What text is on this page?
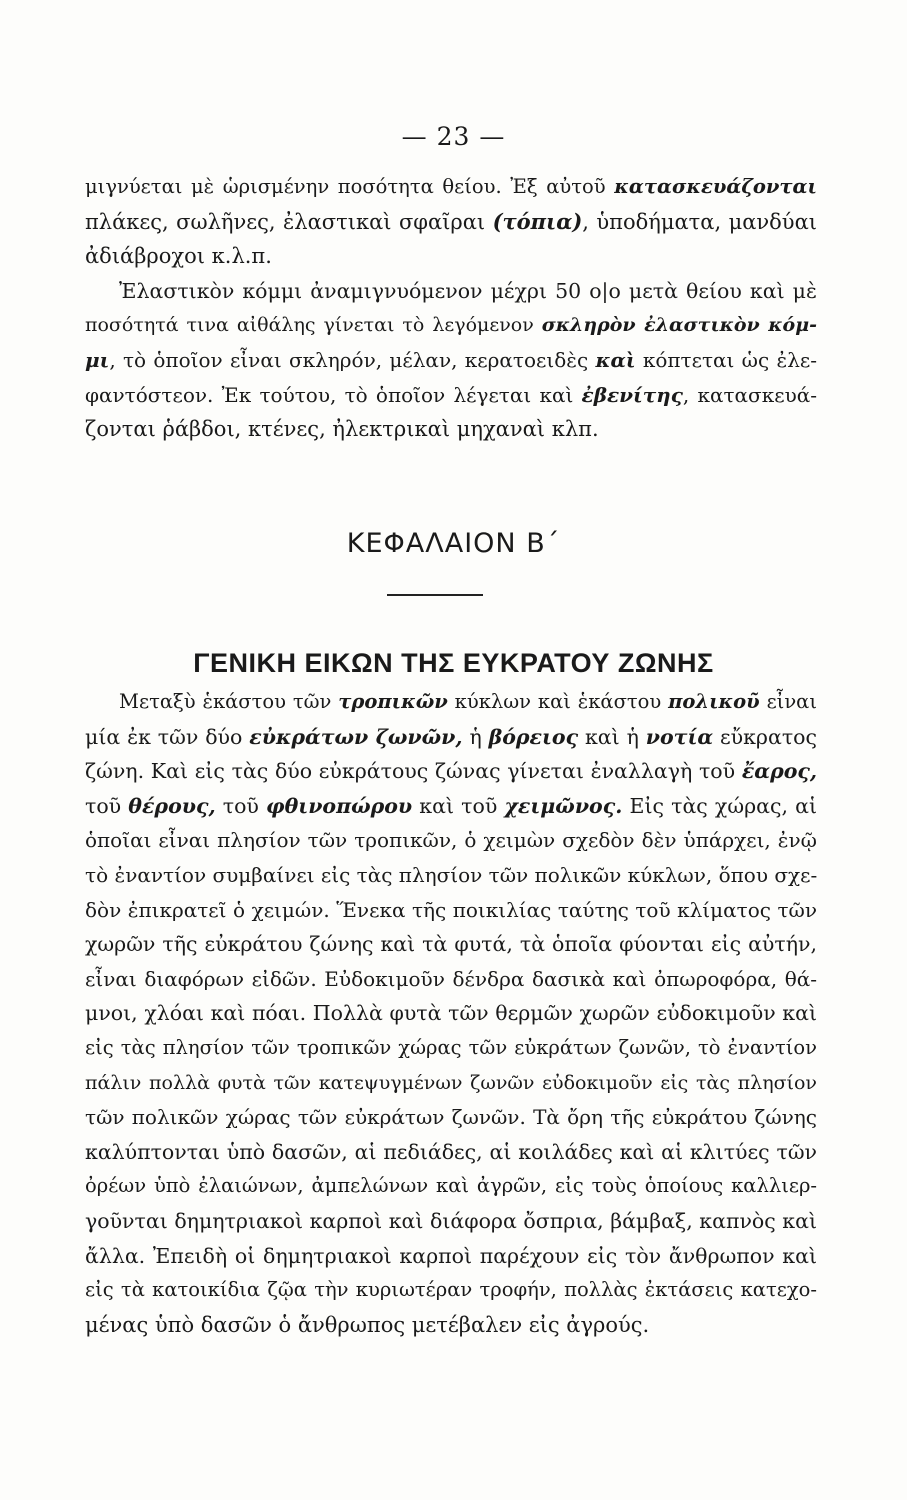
— 23 —
μιγνύεται μὲ ὡρισμένην ποσότητα θείου. Ἐξ αὐτοῦ κατασκευάζονται
πλάκες, σωλῆνες, ἐλαστικαὶ σφαῖραι (τόπια), ὑποδήματα, μανδύαι
ἀδιάβροχοι κ.λ.π.
Ἐλαστικὸν κόμμι ἀναμιγνυόμενον μέχρι 50 ο|ο μετὰ θείου καὶ μὲ
ποσότητά τινα αἰθάλης γίνεται τὸ λεγόμενον σκληρὸν ἐλαστικὸν κόμ-
μι, τὸ ὁποῖον εἶναι σκληρόν, μέλαν, κερατοειδὲς καὶ κόπτεται ὡς ἐλε-
φαντόστεον. Ἐκ τούτου, τὸ ὁποῖον λέγεται καὶ ἐβενίτης, κατασκευά-
ζονται ῥάβδοι, κτένες, ἠλεκτρικαὶ μηχαναὶ κλπ.
ΚΕΦΑΛΑΙΟΝ Β΄
ΓΕΝΙΚΗ ΕΙΚΩΝ ΤΗΣ ΕΥΚΡΑΤΟΥ ΖΩΝΗΣ
Μεταξὺ ἑκάστου τῶν τροπικῶν κύκλων καὶ ἑκάστου πολικοῦ εἶναι
μία ἐκ τῶν δύο εὐκράτων ζωνῶν, ἡ βόρειος καὶ ἡ νοτία εὔκρατος
ζώνη. Καὶ εἰς τὰς δύο εὐκράτους ζώνας γίνεται ἐναλλαγὴ τοῦ ἔαρος,
τοῦ θέρους, τοῦ φθινοπώρου καὶ τοῦ χειμῶνος. Εἰς τὰς χώρας, αἱ
ὁποῖαι εἶναι πλησίον τῶν τροπικῶν, ὁ χειμὼν σχεδὸν δὲν ὑπάρχει, ἐνῷ
τὸ ἐναντίον συμβαίνει εἰς τὰς πλησίον τῶν πολικῶν κύκλων, ὅπου σχε-
δὸν ἐπικρατεῖ ὁ χειμών. Ἕνεκα τῆς ποικιλίας ταύτης τοῦ κλίματος τῶν
χωρῶν τῆς εὐκράτου ζώνης καὶ τὰ φυτά, τὰ ὁποῖα φύονται εἰς αὐτήν,
εἶναι διαφόρων εἰδῶν. Εὐδοκιμοῦν δένδρα δασικὰ καὶ ὀπωροφόρα, θά-
μνοι, χλόαι καὶ πόαι. Πολλὰ φυτὰ τῶν θερμῶν χωρῶν εὐδοκιμοῦν καὶ
εἰς τὰς πλησίον τῶν τροπικῶν χώρας τῶν εὐκράτων ζωνῶν, τὸ ἐναντίον
πάλιν πολλὰ φυτὰ τῶν κατεψυγμένων ζωνῶν εὐδοκιμοῦν εἰς τὰς πλησίον
τῶν πολικῶν χώρας τῶν εὐκράτων ζωνῶν. Τὰ ὄρη τῆς εὐκράτου ζώνης
καλύπτονται ὑπὸ δασῶν, αἱ πεδιάδες, αἱ κοιλάδες καὶ αἱ κλιτύες τῶν
ὀρέων ὑπὸ ἐλαιώνων, ἀμπελώνων καὶ ἀγρῶν, εἰς τοὺς ὁποίους καλλιερ-
γοῦνται δημητριακοὶ καρποὶ καὶ διάφορα ὄσπρια, βάμβαξ, καπνὸς καὶ
ἄλλα. Ἐπειδὴ οἱ δημητριακοὶ καρποὶ παρέχουν εἰς τὸν ἄνθρωπον καὶ
εἰς τὰ κατοικίδια ζῷα τὴν κυριωτέραν τροφήν, πολλὰς ἐκτάσεις κατεχο-
μένας ὑπὸ δασῶν ὁ ἄνθρωπος μετέβαλεν εἰς ἀγρούς.
